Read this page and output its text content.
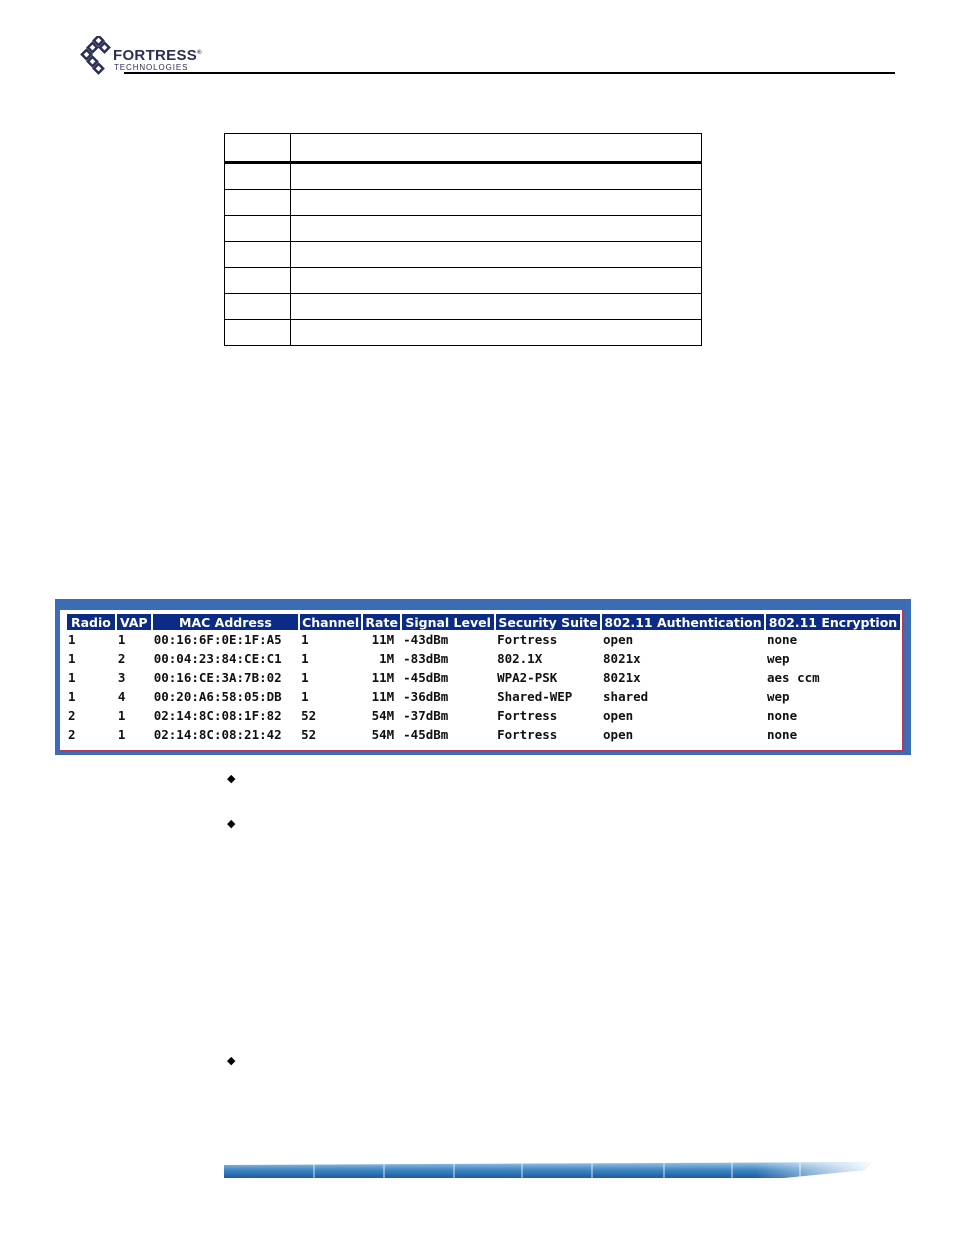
FORTRESS®
TECHNOLOGIES

Radio	VAP	MAC Address	Channel	Rate	Signal Level	Security Suite	802.11 Authentication	802.11 Encryption
1	1	00:16:6F:0E:1F:A5	1	11M	-43dBm	Fortress	open	none
1	2	00:04:23:84:CE:C1	1	1M	-83dBm	802.1X	8021x	wep
1	3	00:16:CE:3A:7B:02	1	11M	-45dBm	WPA2-PSK	8021x	aes ccm
1	4	00:20:A6:58:05:DB	1	11M	-36dBm	Shared-WEP	shared	wep
2	1	02:14:8C:08:1F:82	52	54M	-37dBm	Fortress	open	none
2	1	02:14:8C:08:21:42	52	54M	-45dBm	Fortress	open	none
◆
◆
◆
